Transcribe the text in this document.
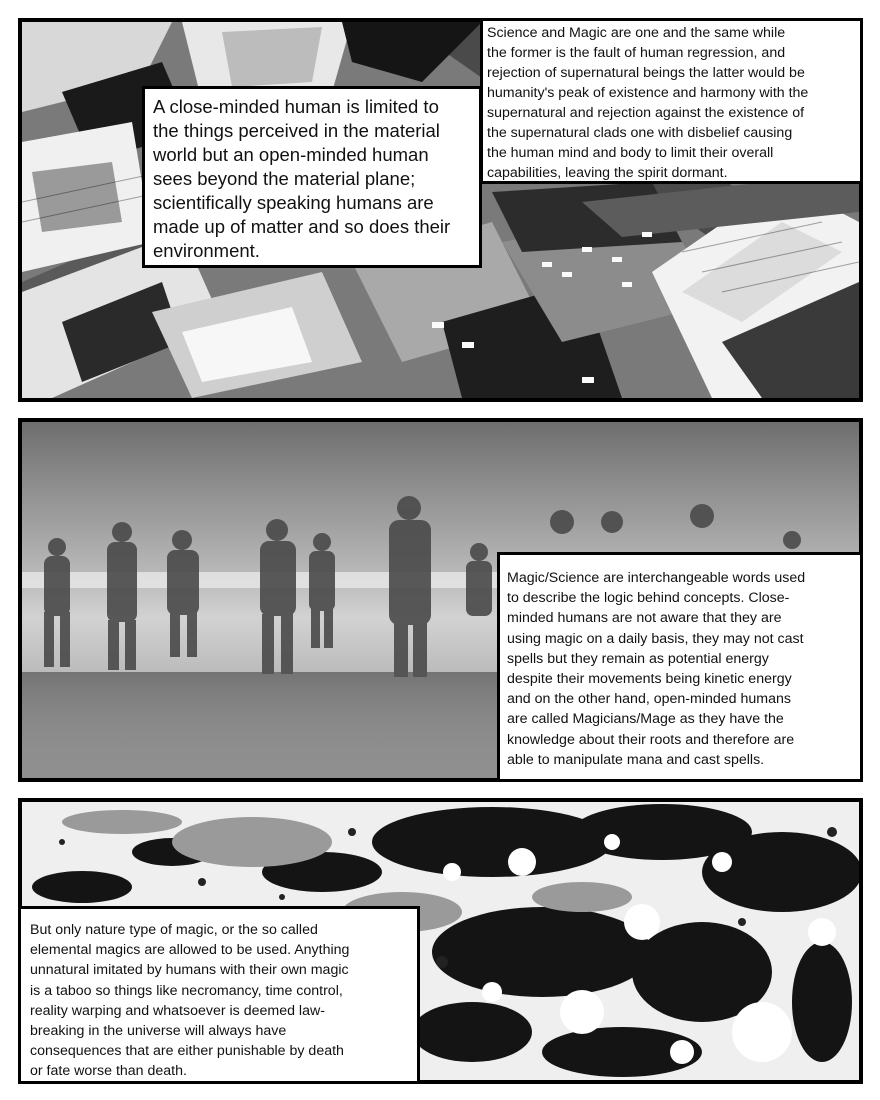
A close-minded human is limited to
the things perceived in the material
world but an open-minded human
sees beyond the material plane;
scientifically speaking humans are
made up of matter and so does their
environment.
Science and Magic are one and the same while
the former is the fault of human regression, and
rejection of supernatural beings the latter would be
humanity's peak of existence and harmony with the
supernatural and rejection against the existence of
the supernatural clads one with disbelief causing
the human mind and body to limit their overall
capabilities, leaving the spirit dormant.
Magic/Science are interchangeable words used
to describe the logic behind concepts. Close-
minded humans are not aware that they are
using magic on a daily basis, they may not cast
spells but they remain as potential energy
despite their movements being kinetic energy
and on the other hand, open-minded humans
are called Magicians/Mage as they have the
knowledge about their roots and therefore are
able to manipulate mana and cast spells.
But only nature type of magic, or the so called
elemental magics are allowed to be used. Anything
unnatural imitated by humans with their own magic
is a taboo so things like necromancy, time control,
reality warping and whatsoever is deemed law-
breaking in the universe will always have
consequences that are either punishable by death
or fate worse than death.
